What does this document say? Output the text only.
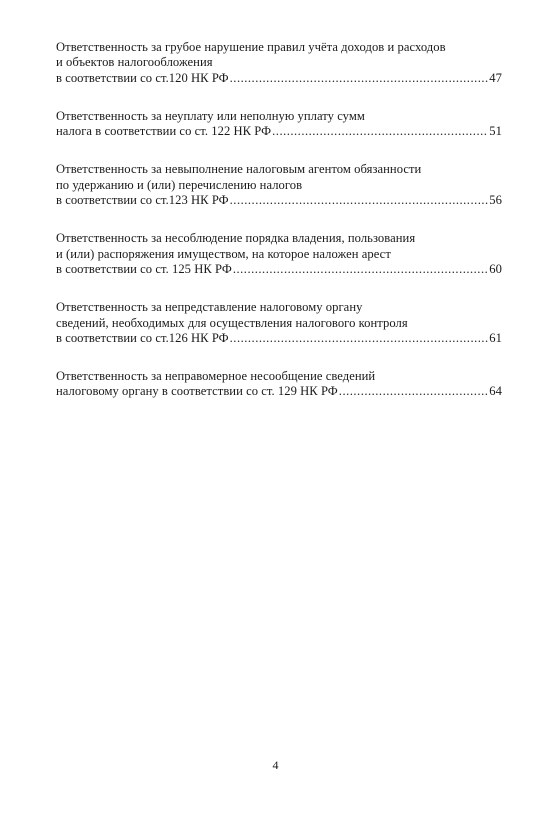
Ответственность за грубое нарушение правил учёта доходов и расходов
и объектов налогообложения
в соответствии со ст.120 НК РФ .....	47
Ответственность за неуплату или неполную уплату сумм
налога в соответствии со ст. 122 НК РФ .....	51
Ответственность за невыполнение налоговым агентом обязанности
по удержанию и (или) перечислению налогов
в соответствии со ст.123 НК РФ .....	56
Ответственность за несоблюдение порядка владения, пользования
и (или) распоряжения имуществом, на которое наложен арест
в соответствии со ст. 125 НК РФ .....	60
Ответственность за непредставление налоговому органу
сведений, необходимых для осуществления налогового контроля
в соответствии со ст.126 НК РФ .....	61
Ответственность за неправомерное несообщение сведений
налоговому органу в соответствии со ст. 129 НК РФ .....	64
4
